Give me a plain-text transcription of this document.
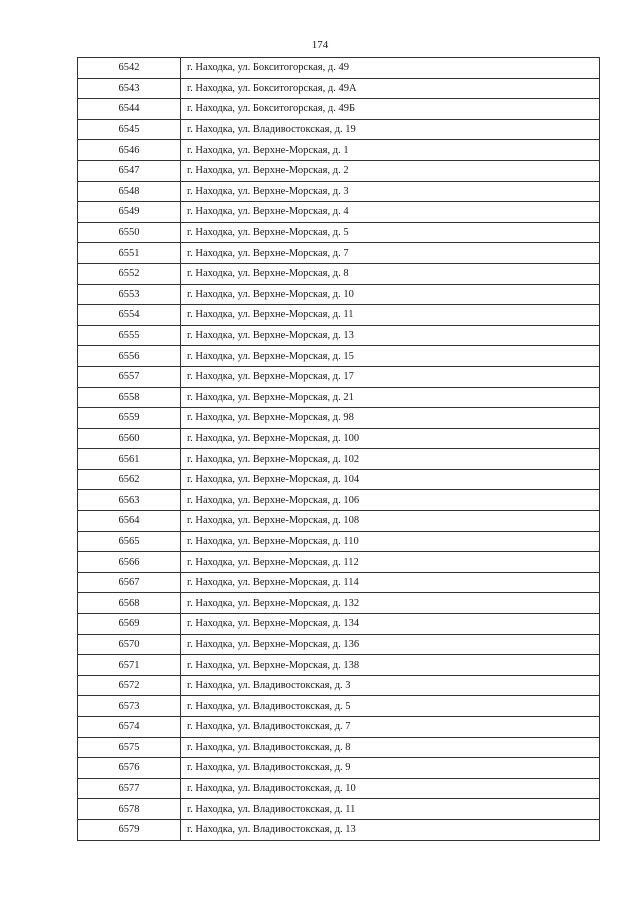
174
6542	г. Находка, ул. Бокситогорская, д. 49
6543	г. Находка, ул. Бокситогорская, д. 49А
6544	г. Находка, ул. Бокситогорская, д. 49Б
6545	г. Находка, ул. Владивостокская, д. 19
6546	г. Находка, ул. Верхне-Морская, д. 1
6547	г. Находка, ул. Верхне-Морская, д. 2
6548	г. Находка, ул. Верхне-Морская, д. 3
6549	г. Находка, ул. Верхне-Морская, д. 4
6550	г. Находка, ул. Верхне-Морская, д. 5
6551	г. Находка, ул. Верхне-Морская, д. 7
6552	г. Находка, ул. Верхне-Морская, д. 8
6553	г. Находка, ул. Верхне-Морская, д. 10
6554	г. Находка, ул. Верхне-Морская, д. 11
6555	г. Находка, ул. Верхне-Морская, д. 13
6556	г. Находка, ул. Верхне-Морская, д. 15
6557	г. Находка, ул. Верхне-Морская, д. 17
6558	г. Находка, ул. Верхне-Морская, д. 21
6559	г. Находка, ул. Верхне-Морская, д. 98
6560	г. Находка, ул. Верхне-Морская, д. 100
6561	г. Находка, ул. Верхне-Морская, д. 102
6562	г. Находка, ул. Верхне-Морская, д. 104
6563	г. Находка, ул. Верхне-Морская, д. 106
6564	г. Находка, ул. Верхне-Морская, д. 108
6565	г. Находка, ул. Верхне-Морская, д. 110
6566	г. Находка, ул. Верхне-Морская, д. 112
6567	г. Находка, ул. Верхне-Морская, д. 114
6568	г. Находка, ул. Верхне-Морская, д. 132
6569	г. Находка, ул. Верхне-Морская, д. 134
6570	г. Находка, ул. Верхне-Морская, д. 136
6571	г. Находка, ул. Верхне-Морская, д. 138
6572	г. Находка, ул. Владивостокская, д. 3
6573	г. Находка, ул. Владивостокская, д. 5
6574	г. Находка, ул. Владивостокская, д. 7
6575	г. Находка, ул. Владивостокская, д. 8
6576	г. Находка, ул. Владивостокская, д. 9
6577	г. Находка, ул. Владивостокская, д. 10
6578	г. Находка, ул. Владивостокская, д. 11
6579	г. Находка, ул. Владивостокская, д. 13
